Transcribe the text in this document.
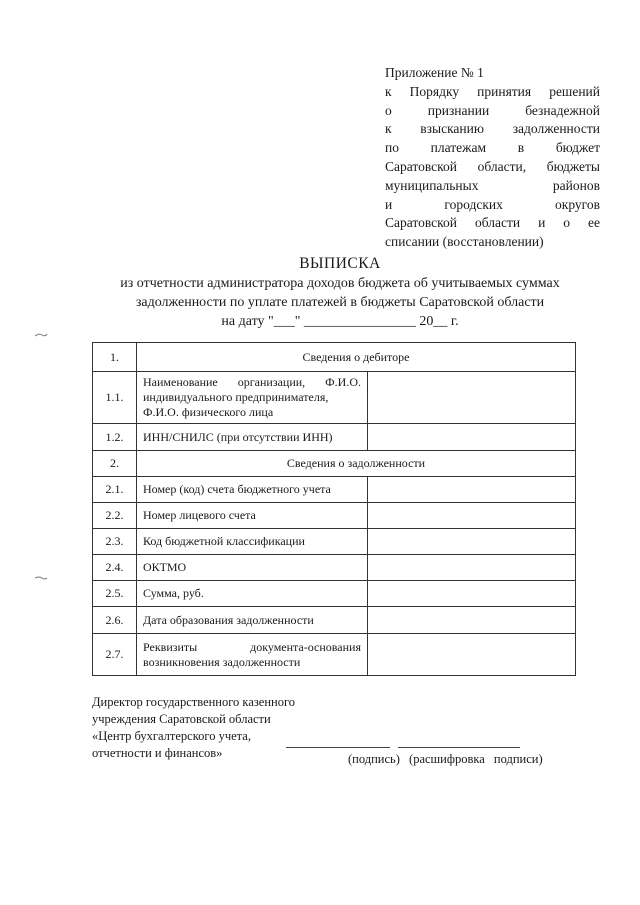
Приложение № 1
к Порядку принятия решений
о признании безнадежной
к взысканию задолженности
по платежам в бюджет
Саратовской области, бюджеты
муниципальных районов
и городских округов
Саратовской области и о ее
списании (восстановлении)
ВЫПИСКА
из отчетности администратора доходов бюджета об учитываемых суммах
задолженности по уплате платежей в бюджеты Саратовской области
на дату "___" ________________ 20__ г.
1.	Сведения о дебиторе	
1.1.	Наименование организации, Ф.И.О.
индивидуального предпринимателя,
Ф.И.О. физического лица	
1.2.	ИНН/СНИЛС (при отсутствии ИНН)	
2.	Сведения о задолженности	
2.1.	Номер (код) счета бюджетного учета	
2.2.	Номер лицевого счета	
2.3.	Код бюджетной классификации	
2.4.	ОКТМО	
2.5.	Сумма, руб.	
2.6.	Дата образования задолженности	
2.7.	Реквизиты документа-основания
возникновения задолженности	
Директор государственного казенного
учреждения Саратовской области
«Центр бухгалтерского учета,
отчетности и финансов»	(подпись) (расшифровка подписи)
